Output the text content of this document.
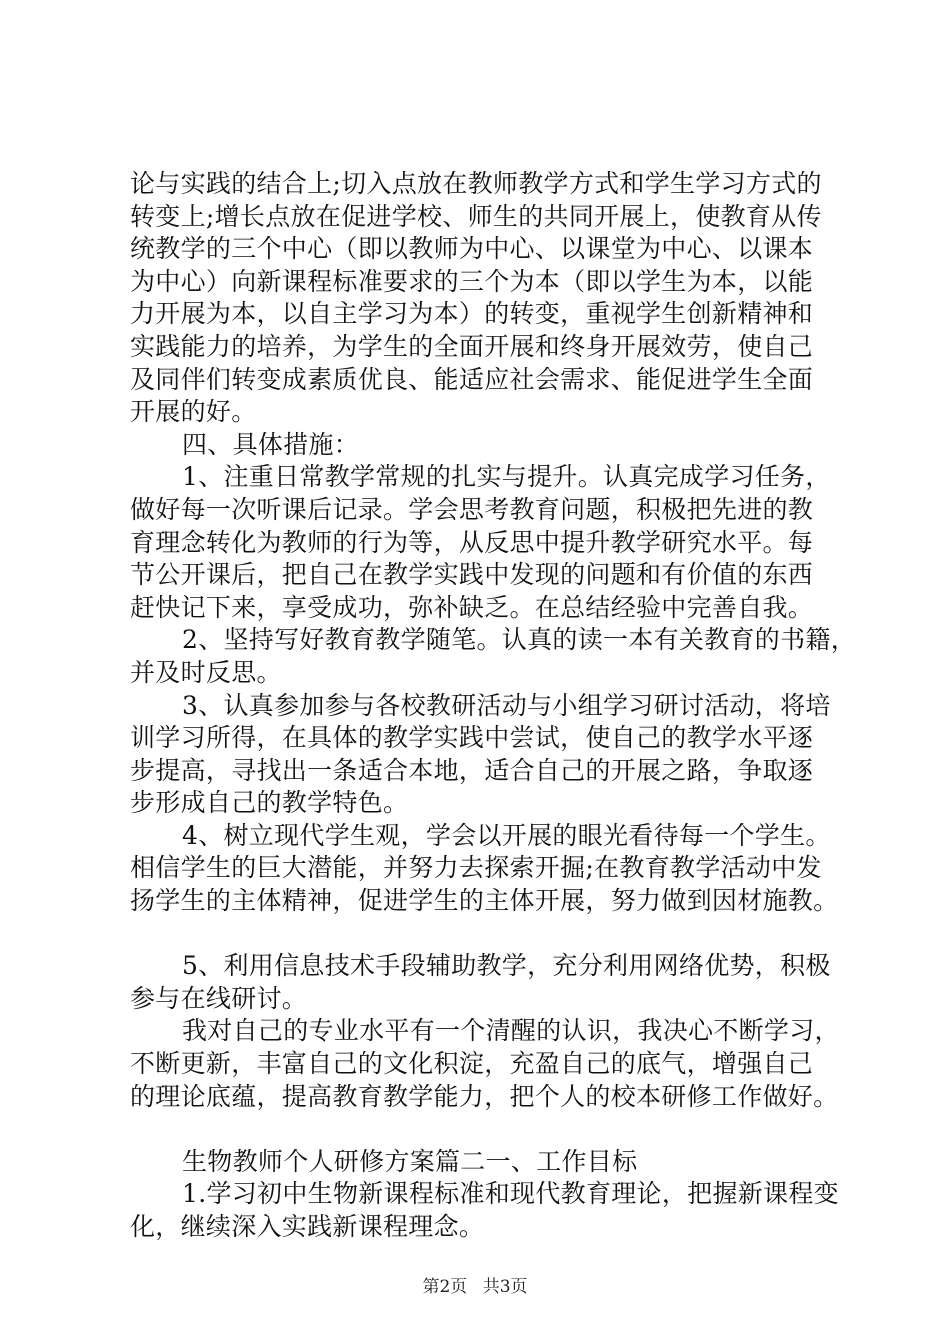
论与实践的结合上;切入点放在教师教学方式和学生学习方式的
转变上;增长点放在促进学校、师生的共同开展上，使教育从传
统教学的三个中心（即以教师为中心、以课堂为中心、以课本
为中心）向新课程标准要求的三个为本（即以学生为本，以能
力开展为本，以自主学习为本）的转变，重视学生创新精神和
实践能力的培养，为学生的全面开展和终身开展效劳，使自己
及同伴们转变成素质优良、能适应社会需求、能促进学生全面
开展的好。
四、具体措施：
1、注重日常教学常规的扎实与提升。认真完成学习任务，
做好每一次听课后记录。学会思考教育问题，积极把先进的教
育理念转化为教师的行为等，从反思中提升教学研究水平。每
节公开课后，把自己在教学实践中发现的问题和有价值的东西
赶快记下来，享受成功，弥补缺乏。在总结经验中完善自我。
2、坚持写好教育教学随笔。认真的读一本有关教育的书籍，
并及时反思。
3、认真参加参与各校教研活动与小组学习研讨活动，将培
训学习所得，在具体的教学实践中尝试，使自己的教学水平逐
步提高，寻找出一条适合本地，适合自己的开展之路，争取逐
步形成自己的教学特色。
4、树立现代学生观，学会以开展的眼光看待每一个学生。
相信学生的巨大潜能，并努力去探索开掘;在教育教学活动中发
扬学生的主体精神，促进学生的主体开展，努力做到因材施教。
5、利用信息技术手段辅助教学，充分利用网络优势，积极
参与在线研讨。
我对自己的专业水平有一个清醒的认识，我决心不断学习，
不断更新，丰富自己的文化积淀，充盈自己的底气，增强自己
的理论底蕴，提高教育教学能力，把个人的校本研修工作做好。
生物教师个人研修方案篇二一、工作目标
1.学习初中生物新课程标准和现代教育理论，把握新课程变
化，继续深入实践新课程理念。
第2页 共3页
